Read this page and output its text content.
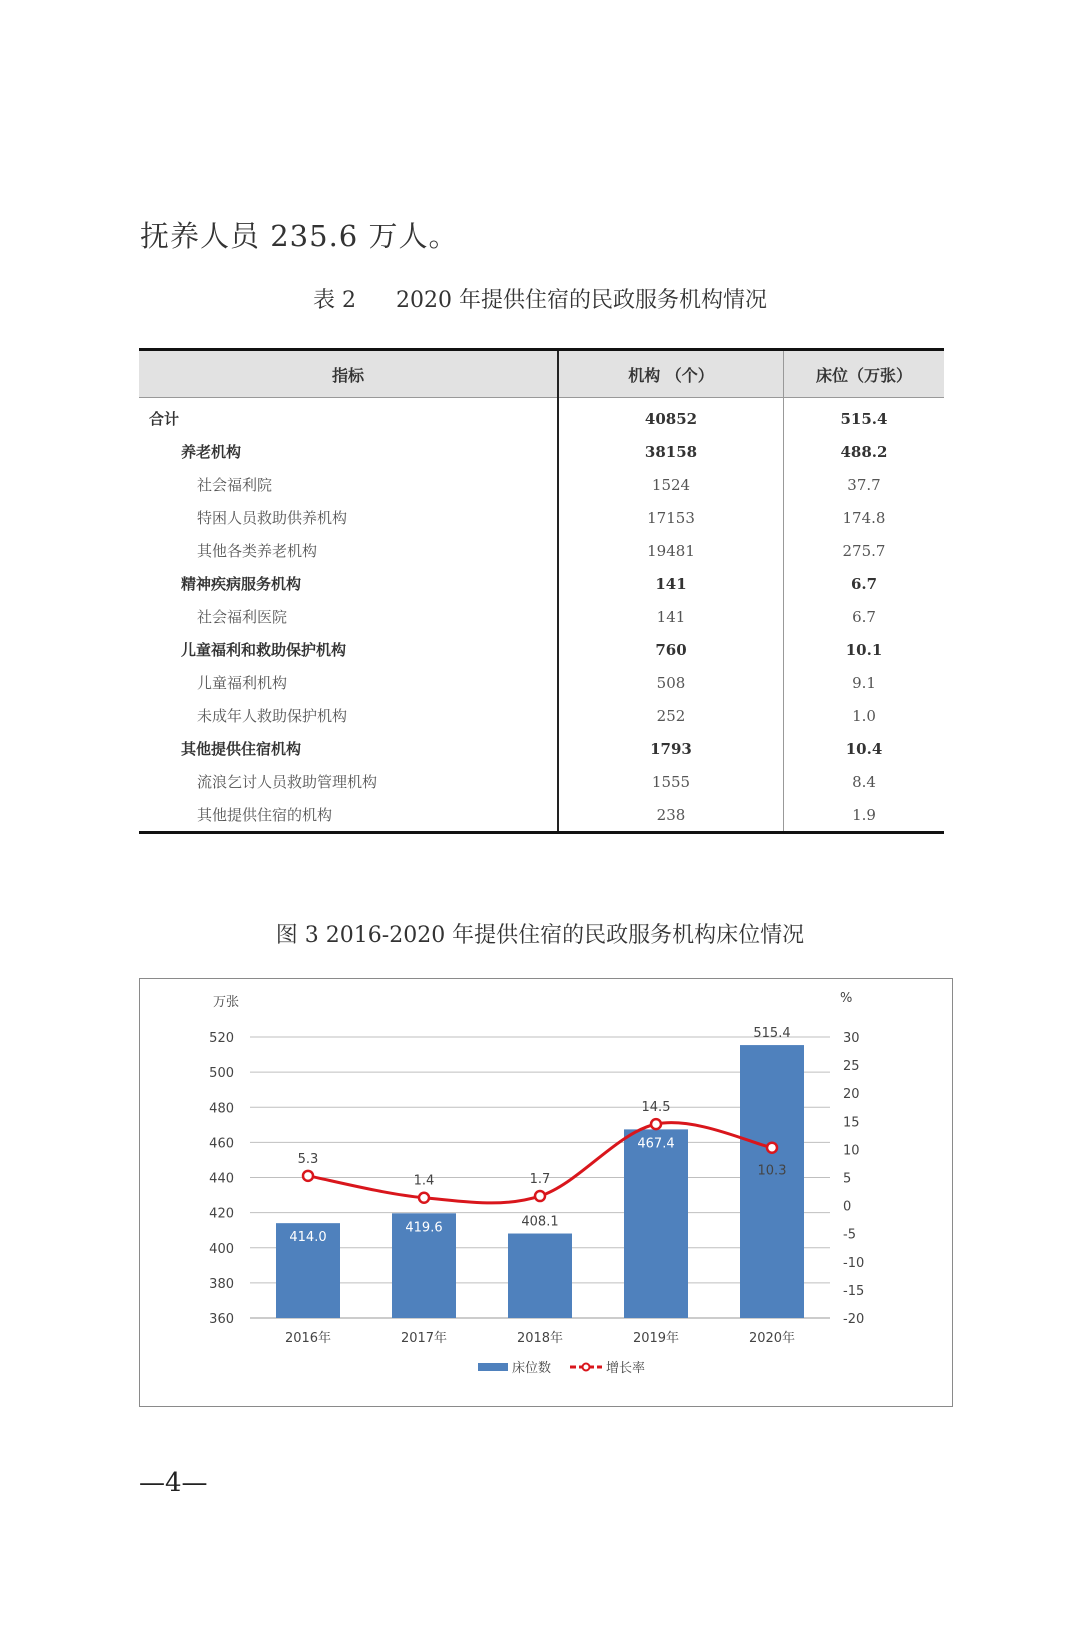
抚养人员 235.6 万人。
表 2 2020 年提供住宿的民政服务机构情况
指标	机构 （个）	床位（万张）
合计	40852	515.4
养老机构	38158	488.2
社会福利院	1524	37.7
特困人员救助供养机构	17153	174.8
其他各类养老机构	19481	275.7
精神疾病服务机构	141	6.7
社会福利医院	141	6.7
儿童福利和救助保护机构	760	10.1
儿童福利机构	508	9.1
未成年人救助保护机构	252	1.0
其他提供住宿机构	1793	10.4
流浪乞讨人员救助管理机构	1555	8.4
其他提供住宿的机构	238	1.9
图 3 2016-2020 年提供住宿的民政服务机构床位情况
360
380
400
420
440
460
480
500
520
-20
-15
-10
-5
0
5
10
15
20
25
30
万张	%
414.0
419.6	408.1
467.4
515.4
5.3
1.4	1.7
14.5
10.3
2016年	2017年	2018年	2019年	2020年
床位数	增长率
—4—
